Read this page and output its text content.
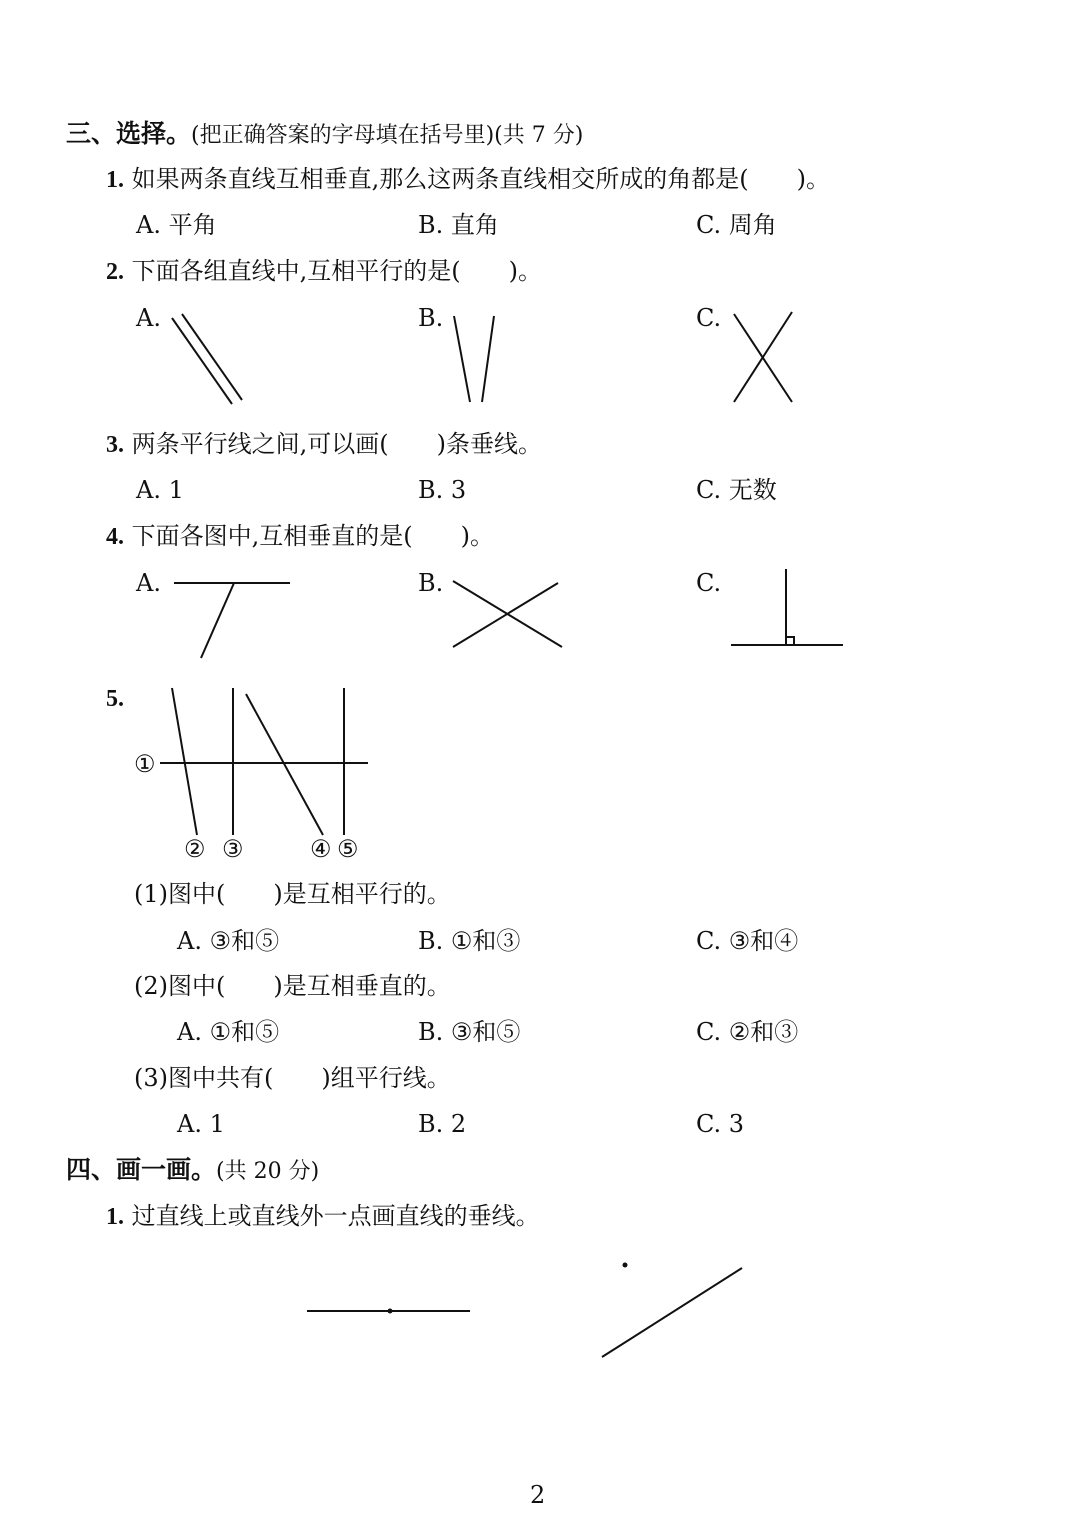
三、选择。(把正确答案的字母填在括号里)(共 7 分)
1. 如果两条直线互相垂直,那么这两条直线相交所成的角都是(　　)。
A. 平角	B. 直角	C. 周角
2. 下面各组直线中,互相平行的是(　　)。
A.	B.	C.
3. 两条平行线之间,可以画(　　)条垂线。
A. 1	B. 3	C. 无数
4. 下面各图中,互相垂直的是(　　)。
A.	B.	C.
5.
①
② ③	④ ⑤
(1)图中(　　)是互相平行的。
A. ③和⑤	B. ①和③	C. ③和④
(2)图中(　　)是互相垂直的。
A. ①和⑤	B. ③和⑤	C. ②和③
(3)图中共有(　　)组平行线。
A. 1	B. 2	C. 3
四、画一画。(共 20 分)
1. 过直线上或直线外一点画直线的垂线。
2
